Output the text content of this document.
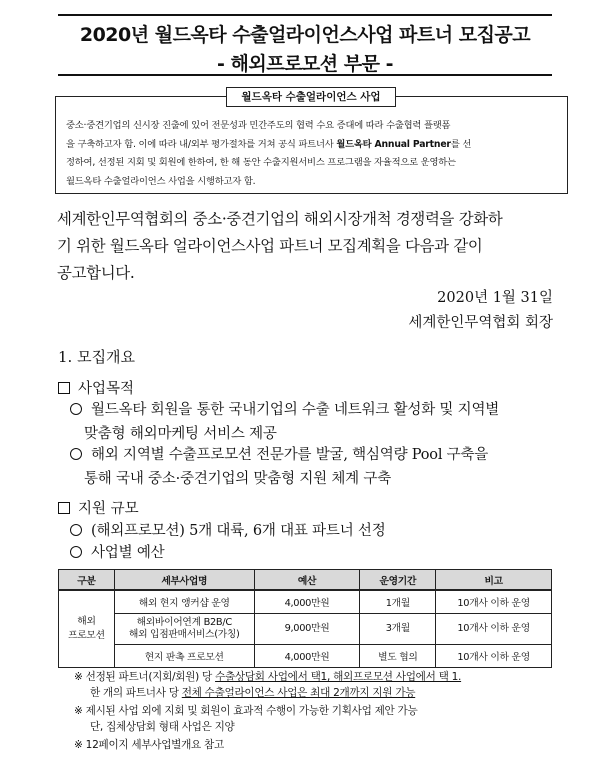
2020년 월드옥타 수출얼라이언스사업 파트너 모집공고
- 해외프로모션 부문 -
월드옥타 수출얼라이언스 사업
중소·중견기업의 신시장 진출에 있어 전문성과 민간주도의 협력 수요 증대에 따라 수출협력 플랫폼
을 구축하고자 함. 이에 따라 내/외부 평가절차를 거쳐 공식 파트너사 월드옥타 Annual Partner를 선
정하여, 선정된 지회 및 회원에 한하여, 한 해 동안 수출지원서비스 프로그램을 자율적으로 운영하는
월드옥타 수출얼라이언스 사업을 시행하고자 함.
세계한인무역협회의 중소·중견기업의 해외시장개척 경쟁력을 강화하
기 위한 월드옥타 얼라이언스사업 파트너 모집계획을 다음과 같이
공고합니다.
2020년 1월 31일
세계한인무역협회 회장
1. 모집개요
사업목적
월드옥타 회원을 통한 국내기업의 수출 네트워크 활성화 및 지역별
맞춤형 해외마케팅 서비스 제공
해외 지역별 수출프로모션 전문가를 발굴, 핵심역량 Pool 구축을
통해 국내 중소·중견기업의 맞춤형 지원 체계 구축
지원 규모
(해외프로모션) 5개 대륙, 6개 대표 파트너 선정
사업별 예산
구분	세부사업명	예산	운영기간	비고

해외
프로모션	해외 현지 앵커샵 운영	4,000만원	1개월	10개사 이하 운영

	해외바이어연계 B2B/C
해외 입점판매서비스(가칭)	9,000만원	3개월	10개사 이하 운영
	현지 판촉 프로모션	4,000만원	별도 협의	10개사 이하 운영
※ 선정된 파트너(지회/회원) 당 수출상담회 사업에서 택1, 해외프로모션 사업에서 택 1.
한 개의 파트너사 당 전체 수출얼라이언스 사업은 최대 2개까지 지원 가능
※ 제시된 사업 외에 지회 및 회원이 효과적 수행이 가능한 기획사업 제안 가능
단, 집체상담회 형태 사업은 지양
※ 12페이지 세부사업별개요 참고
